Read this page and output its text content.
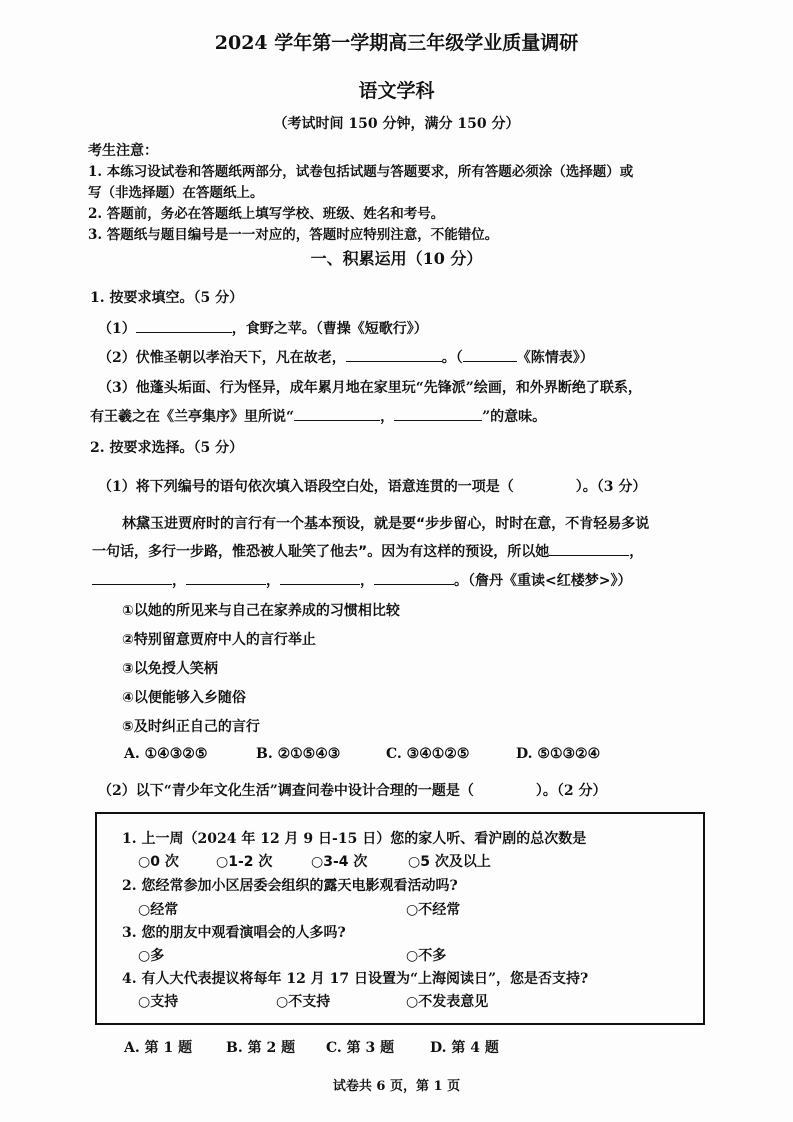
2024 学年第一学期高三年级学业质量调研
语文学科
（考试时间 150 分钟，满分 150 分）
考生注意：
1. 本练习设试卷和答题纸两部分，试卷包括试题与答题要求，所有答题必须涂（选择题）或
写（非选择题）在答题纸上。
2. 答题前，务必在答题纸上填写学校、班级、姓名和考号。
3. 答题纸与题目编号是一一对应的，答题时应特别注意，不能错位。
一、积累运用（10 分）
1. 按要求填空。（5 分）
（1）	，食野之苹。（曹操《短歌行》）
（2）伏惟圣朝以孝治天下，凡在故老，	。（	《陈情表》）
（3）他蓬头垢面、行为怪异，成年累月地在家里玩“先锋派”绘画，和外界断绝了联系，
有王羲之在《兰亭集序》里所说“	，	”的意味。
2. 按要求选择。（5 分）
（1）将下列编号的语句依次填入语段空白处，语意连贯的一项是（	）。（3 分）
林黛玉进贾府时的言行有一个基本预设，就是要“步步留心，时时在意，不肯轻易多说
一句话，多行一步路，惟恐被人耻笑了他去”。因为有这样的预设，所以她	，
，	，	，	。（詹丹《重读<红楼梦>》）
①以她的所见来与自己在家养成的习惯相比较
②特别留意贾府中人的言行举止
③以免授人笑柄
④以便能够入乡随俗
⑤及时纠正自己的言行
A. ①④③②⑤	B. ②①⑤④③	C. ③④①②⑤	D. ⑤①③②④
（2）以下“青少年文化生活”调查问卷中设计合理的一题是（	）。（2 分）
1. 上一周（2024 年 12 月 9 日-15 日）您的家人听、看沪剧的总次数是
○0 次	○1-2 次	○3-4 次	○5 次及以上
2. 您经常参加小区居委会组织的露天电影观看活动吗?
○经常	○不经常
3. 您的朋友中观看演唱会的人多吗?
○多	○不多
4. 有人大代表提议将每年 12 月 17 日设置为“上海阅读日”，您是否支持?
○支持	○不支持	○不发表意见
A. 第 1 题 B. 第 2 题 C. 第 3 题	D. 第 4 题
试卷共 6 页，第 1 页
